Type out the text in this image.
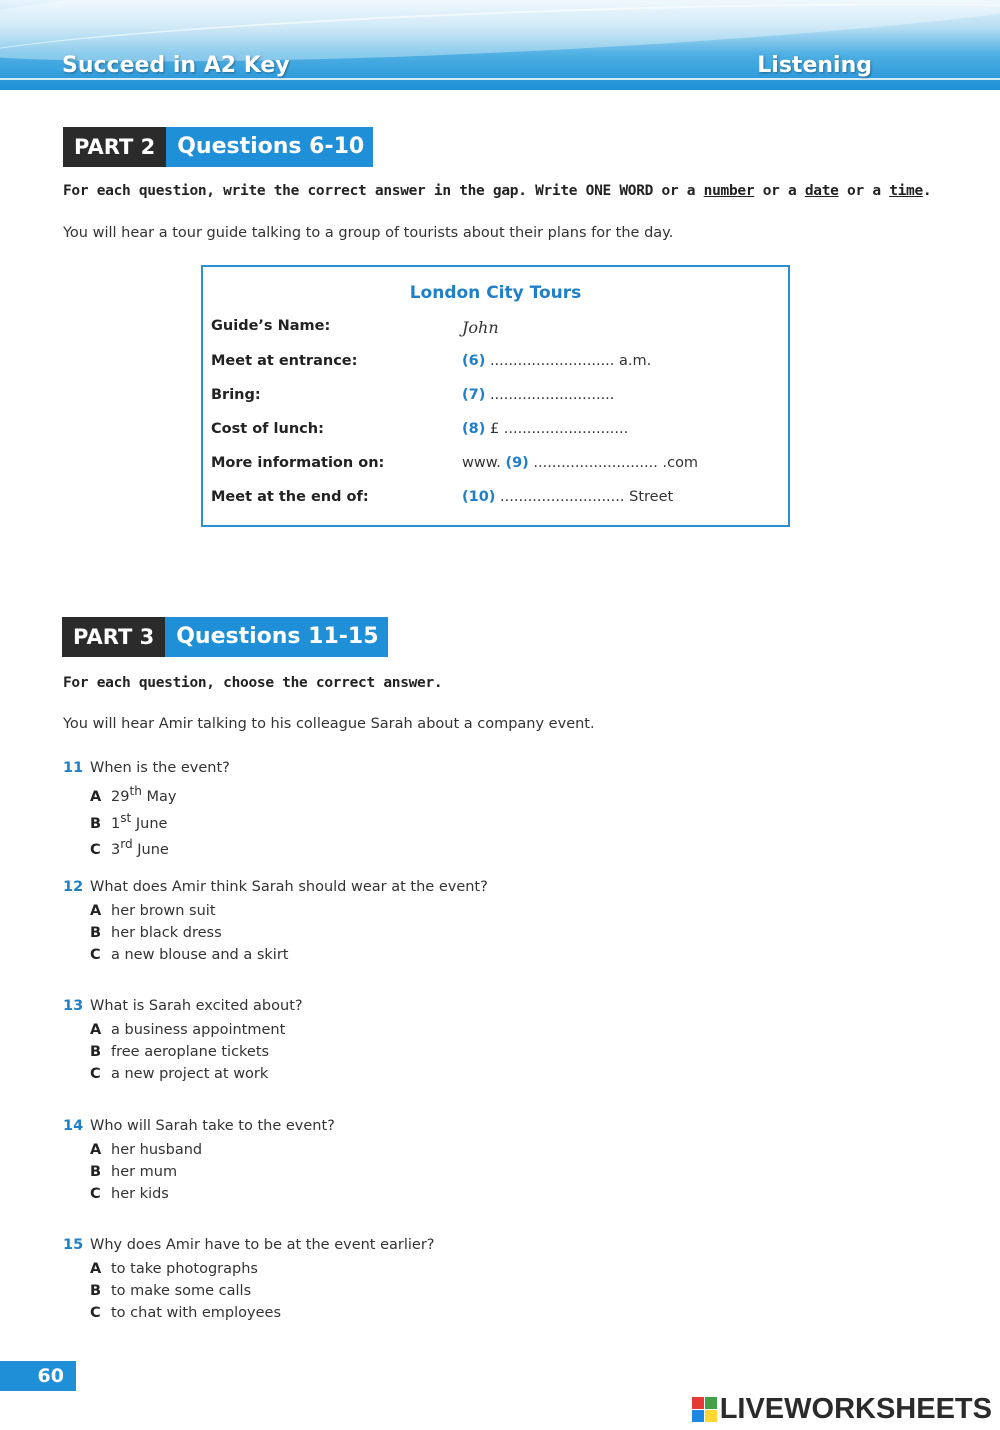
Succeed in A2 Key	Listening
PART 2	Questions 6-10
For each question, write the correct answer in the gap. Write ONE WORD or a number or a date or a time.
You will hear a tour guide talking to a group of tourists about their plans for the day.
London City Tours
Guide’s Name:	John
Meet at entrance:	(6) ........................... a.m.
Bring:	(7) ...........................
Cost of lunch:	(8) £ ...........................
More information on:	www. (9) ........................... .com
Meet at the end of:	(10) ........................... Street
PART 3	Questions 11-15
For each question, choose the correct answer.
You will hear Amir talking to his colleague Sarah about a company event.
11 When is the event?
A 29th May
B 1st June
C 3rd June
12 What does Amir think Sarah should wear at the event?
A her brown suit
B her black dress
C a new blouse and a skirt
13 What is Sarah excited about?
A a business appointment
B free aeroplane tickets
C a new project at work
14 Who will Sarah take to the event?
A her husband
B her mum
C her kids
15 Why does Amir have to be at the event earlier?
A to take photographs
B to make some calls
C to chat with employees
60
LIVEWORKSHEETS
